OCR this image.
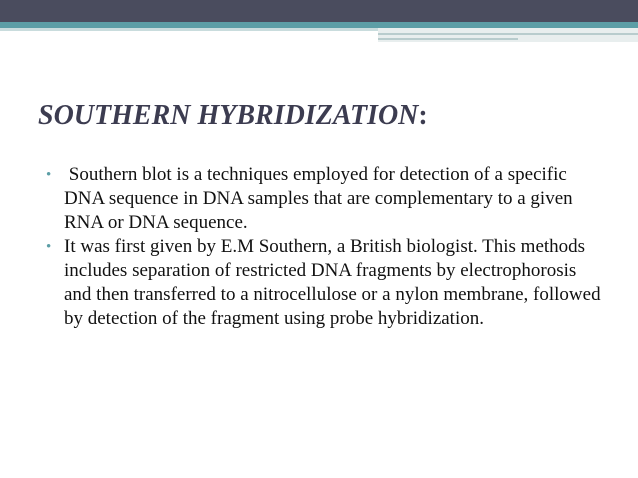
SOUTHERN HYBRIDIZATION:
• Southern blot is a techniques employed for detection of a specific DNA sequence in DNA samples that are complementary to a given RNA or DNA sequence.
• It was first given by E.M Southern, a British biologist. This methods includes separation of restricted DNA fragments by electrophorosis and then transferred to a nitrocellulose or a nylon membrane, followed by detection of the fragment using probe hybridization.
